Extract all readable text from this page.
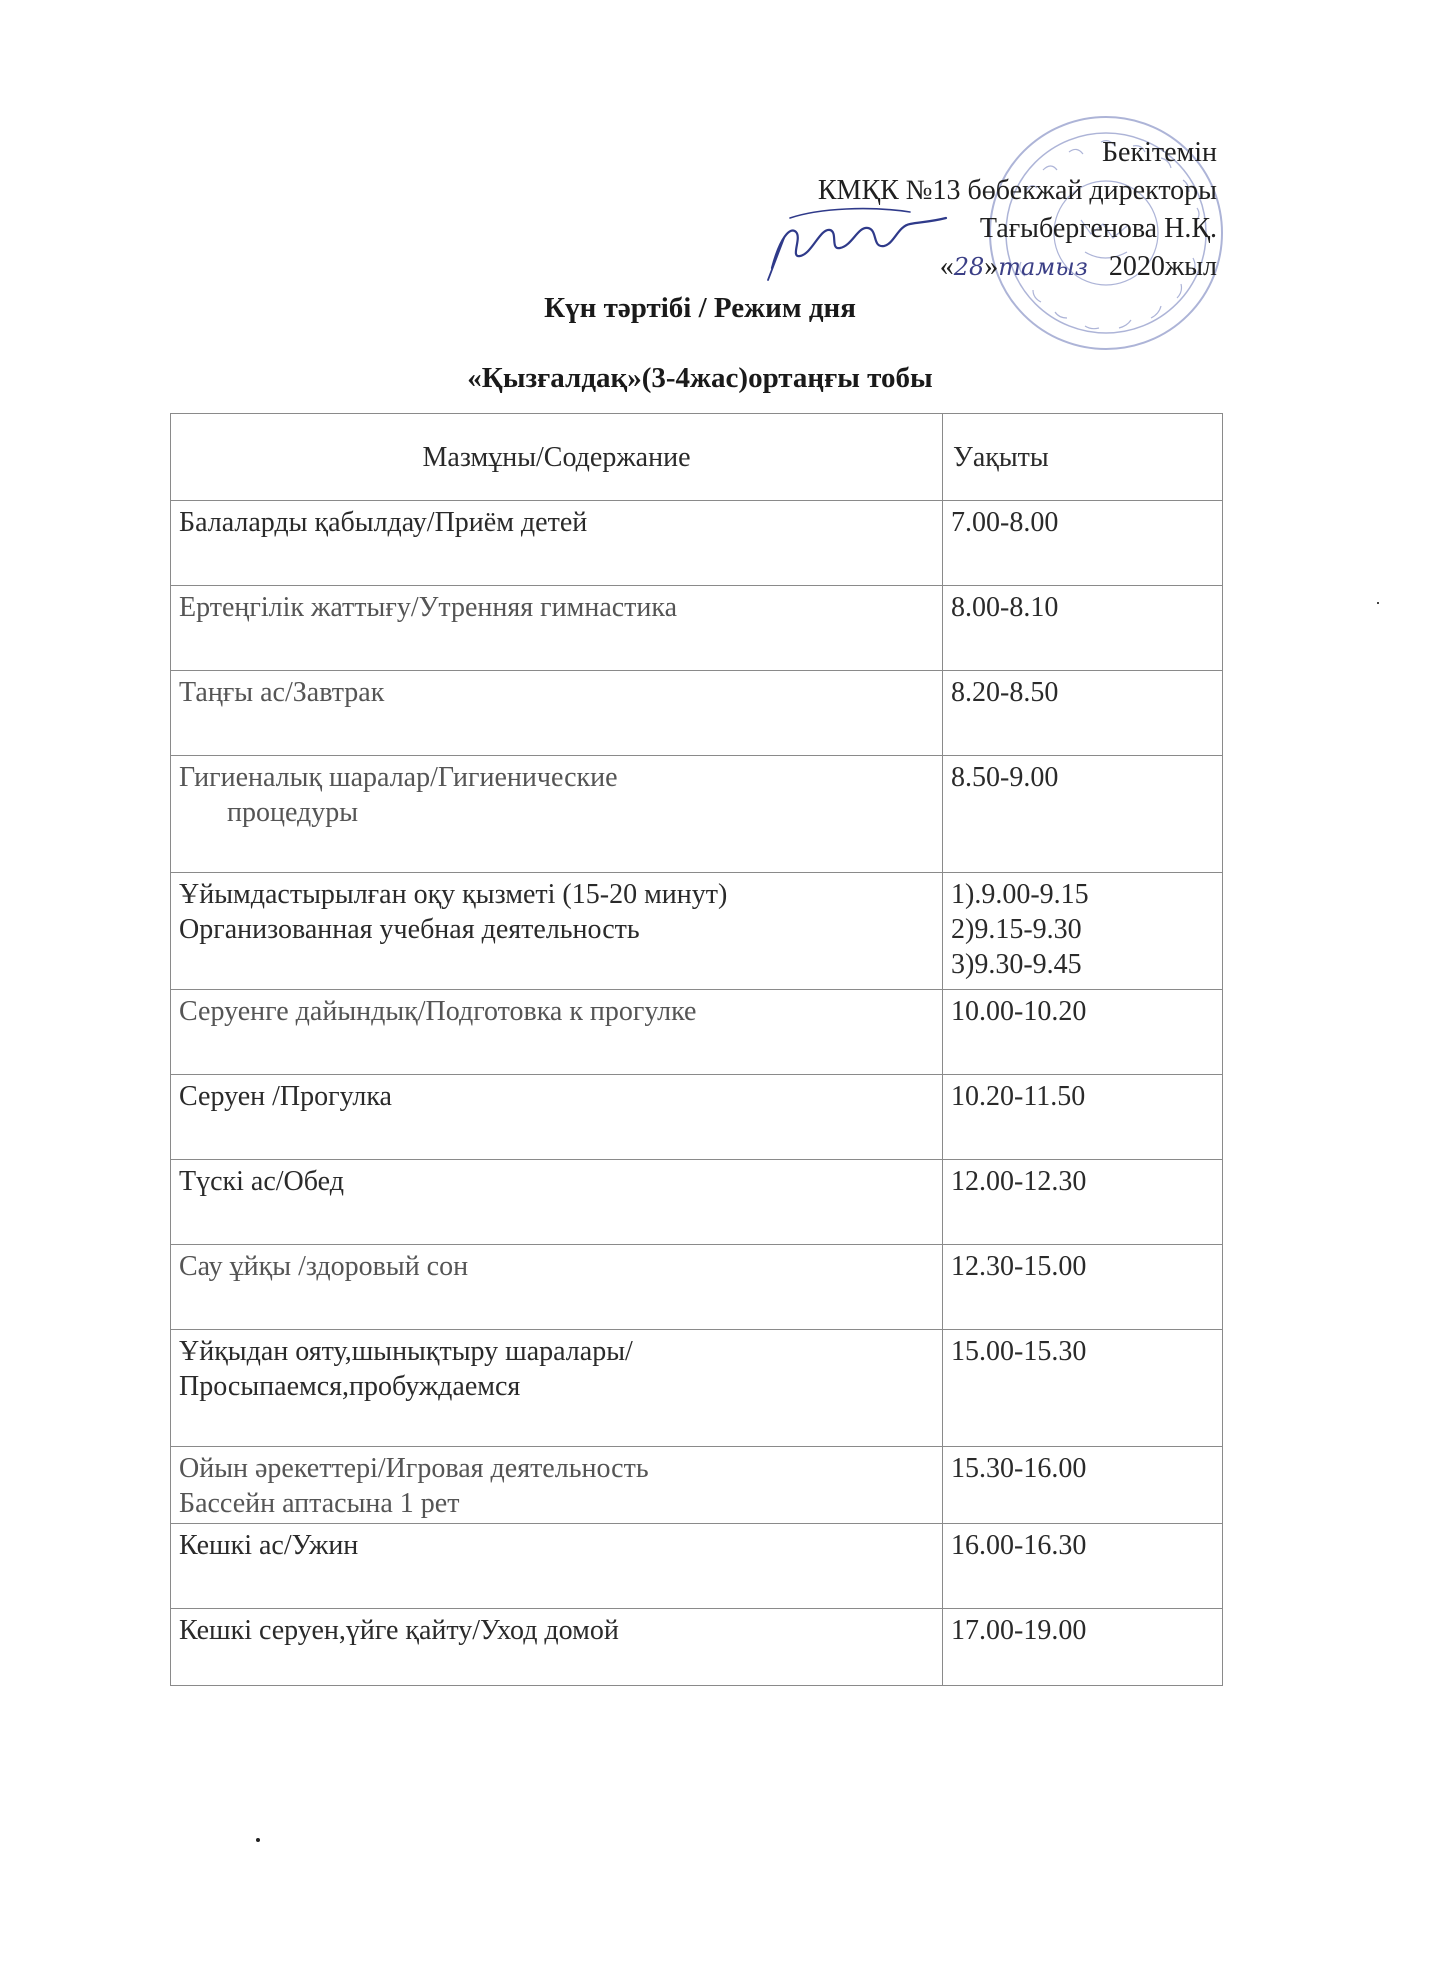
Бекітемін
КМҚК №13 бөбекжай директоры
Тағыбергенова Н.Қ.
«28»тамыз 2020жыл
Күн тәртібі / Режим дня
«Қызғалдақ»(3-4жас)ортаңғы тобы
Мазмұны/Содержание	Уақыты
Балаларды қабылдау/Приём детей	7.00-8.00
Ертеңгілік жаттығу/Утренняя гимнастика	8.00-8.10
Таңғы ас/Завтрак	8.20-8.50

Гигиеналық шаралар/Гигиенические
процедуры	8.50-9.00

Ұйымдастырылған оқу қызметі (15-20 минут)
Организованная учебная деятельность	1).9.00-9.15
2)9.15-9.30
3)9.30-9.45

Серуенге дайындық/Подготовка к прогулке	10.00-10.20
Серуен /Прогулка	10.20-11.50
Түскі ас/Обед	12.00-12.30
Сау ұйқы /здоровый сон	12.30-15.00

Ұйқыдан ояту,шынықтыру шаралары/
Просыпаемся,пробуждаемся	15.00-15.30

Ойын әрекеттері/Игровая деятельность
Бассейн аптасына 1 рет	15.30-16.00
Кешкі ас/Ужин	16.00-16.30
Кешкі серуен,үйге қайту/Уход домой	17.00-19.00
